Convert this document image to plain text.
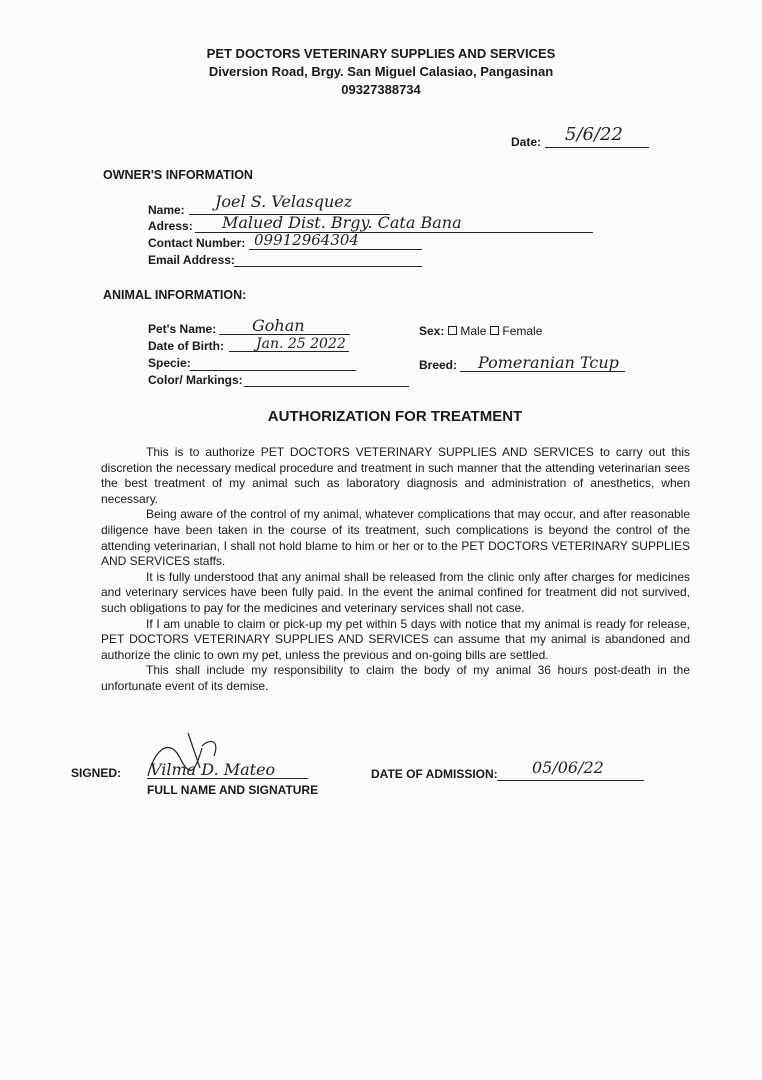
PET DOCTORS VETERINARY SUPPLIES AND SERVICES
Diversion Road, Brgy. San Miguel Calasiao, Pangasinan
09327388734
Date: 5/6/22
OWNER'S INFORMATION
Name: Joel S. Velasquez
Adress: Malued Dist. Brgy. Cata Bana
Contact Number: 09912964304
Email Address:
ANIMAL INFORMATION:
Pet's Name: Gohan
Date of Birth: Jan. 25 2022
Specie:
Color/ Markings:
Sex: Male Female
Breed: Pomeranian Tcup
AUTHORIZATION FOR TREATMENT

This is to authorize PET DOCTORS VETERINARY SUPPLIES AND SERVICES to carry out this discretion the necessary medical procedure and treatment in such manner that the attending veterinarian sees the best treatment of my animal such as laboratory diagnosis and administration of anesthetics, when necessary.

Being aware of the control of my animal, whatever complications that may occur, and after reasonable diligence have been taken in the course of its treatment, such complications is beyond the control of the attending veterinarian, I shall not hold blame to him or her or to the PET DOCTORS VETERINARY SUPPLIES AND SERVICES staffs.

It is fully understood that any animal shall be released from the clinic only after charges for medicines and veterinary services have been fully paid. In the event the animal confined for treatment did not survived, such obligations to pay for the medicines and veterinary services shall not case.

If I am unable to claim or pick-up my pet within 5 days with notice that my animal is ready for release, PET DOCTORS VETERINARY SUPPLIES AND SERVICES can assume that my animal is abandoned and authorize the clinic to own my pet, unless the previous and on-going bills are settled.

This shall include my responsibility to claim the body of my animal 36 hours post-death in the unfortunate event of its demise.

SIGNED: Vilma D. Mateo
FULL NAME AND SIGNATURE
DATE OF ADMISSION: 05/06/22
